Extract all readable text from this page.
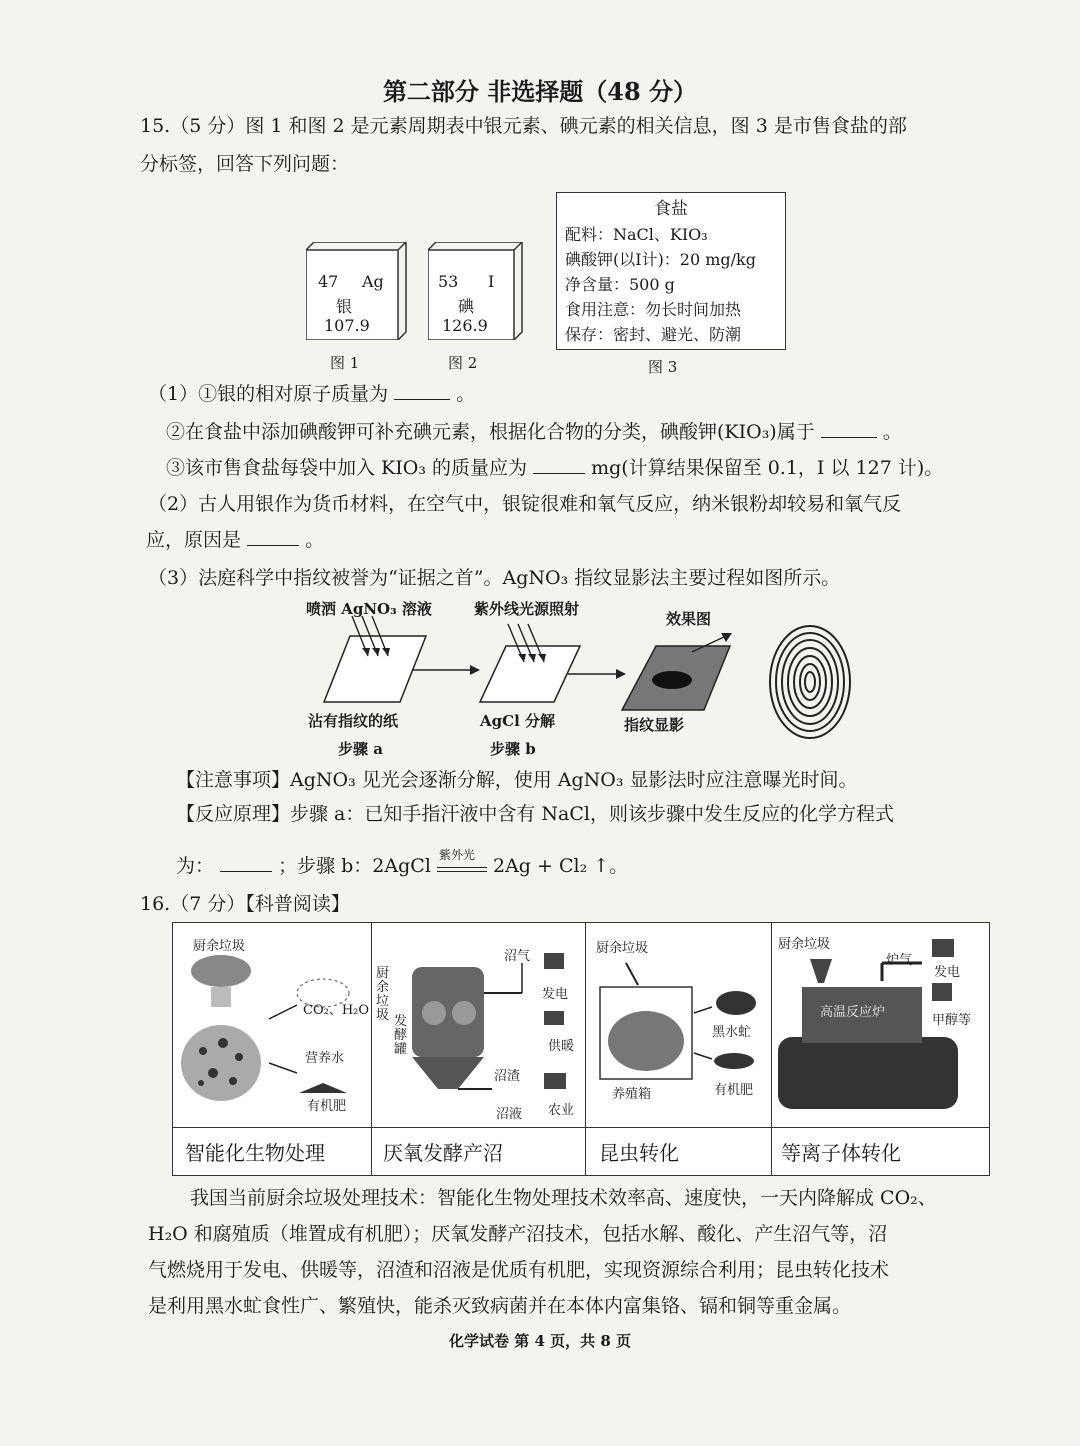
第二部分 非选择题（48 分）
15.（5 分）图 1 和图 2 是元素周期表中银元素、碘元素的相关信息，图 3 是市售食盐的部
分标签，回答下列问题：
47 Ag
银
107.9
图 1
53 I
碘
126.9
图 2
食盐
配料：NaCl、KIO₃
碘酸钾(以I计)：20 mg/kg
净含量：500 g
食用注意：勿长时间加热
保存：密封、避光、防潮
图 3
（1）①银的相对原子质量为	。
②在食盐中添加碘酸钾可补充碘元素，根据化合物的分类，碘酸钾(KIO₃)属于	。
③该市售食盐每袋中加入 KIO₃ 的质量应为	mg(计算结果保留至 0.1，I 以 127 计)。
（2）古人用银作为货币材料，在空气中，银锭很难和氧气反应，纳米银粉却较易和氧气反
应，原因是	。
（3）法庭科学中指纹被誉为“证据之首”。AgNO₃ 指纹显影法主要过程如图所示。
喷洒 AgNO₃ 溶液	紫外线光源照射
效果图
沾有指纹的纸
步骤 a
AgCl 分解
步骤 b
指纹显影
【注意事项】AgNO₃ 见光会逐渐分解，使用 AgNO₃ 显影法时应注意曝光时间。
【反应原理】步骤 a：已知手指汗液中含有 NaCl，则该步骤中发生反应的化学方程式
为：	；步骤 b：2AgCl 紫外光 2Ag + Cl₂ ↑。
16.（7 分）【科普阅读】
厨余垃圾
CO₂、H₂O
营养水
有机肥
厨余垃圾 发酵罐
沼气
发电
供暖
沼渣
沼液 农业
厨余垃圾
黑水虻
养殖箱	有机肥
厨余垃圾
炉气
发电
高温反应炉
甲醇等
智能化生物处理	厌氧发酵产沼	昆虫转化	等离子体转化
我国当前厨余垃圾处理技术：智能化生物处理技术效率高、速度快，一天内降解成 CO₂、
H₂O 和腐殖质（堆置成有机肥）；厌氧发酵产沼技术，包括水解、酸化、产生沼气等，沼
气燃烧用于发电、供暖等，沼渣和沼液是优质有机肥，实现资源综合利用；昆虫转化技术
是利用黑水虻食性广、繁殖快，能杀灭致病菌并在本体内富集铬、镉和铜等重金属。
化学试卷 第 4 页，共 8 页
